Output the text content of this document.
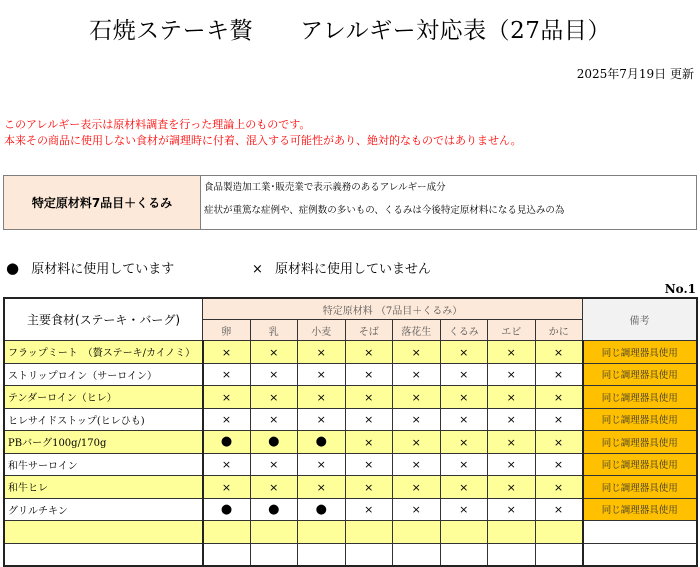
石焼ステーキ贅　　アレルギー対応表（27品目）
2025年7月19日 更新
このアレルギー表示は原材料調査を行った理論上のものです。
本来その商品に使用しない食材が調理時に付着、混入する可能性があり、絶対的なものではありません。
特定原材料7品目＋くるみ
食品製造加工業･販売業で表示義務のあるアレルギー成分
症状が重篤な症例や、症例数の多いもの、くるみは今後特定原材料になる見込みの為
● 原材料に使用しています	× 原材料に使用していません
No.1
主要食材(ステーキ・バーグ)	特定原材料 （7品目＋くるみ）								備考
	卵	乳	小麦	そば	落花生	くるみ	エビ	かに	
フラップミート　（贅ステーキ/カイノミ）	×	×	×	×	×	×	×	×	同じ調理器具使用
ストリップロイン（サーロイン）	×	×	×	×	×	×	×	×	同じ調理器具使用
テンダーロイン（ヒレ）	×	×	×	×	×	×	×	×	同じ調理器具使用
ヒレサイドストップ(ヒレひも)	×	×	×	×	×	×	×	×	同じ調理器具使用
PBバーグ100g/170g	●	●	●	×	×	×	×	×	同じ調理器具使用
和牛サーロイン	×	×	×	×	×	×	×	×	同じ調理器具使用
和牛ヒレ	×	×	×	×	×	×	×	×	同じ調理器具使用
グリルチキン	●	●	●	×	×	×	×	×	同じ調理器具使用
